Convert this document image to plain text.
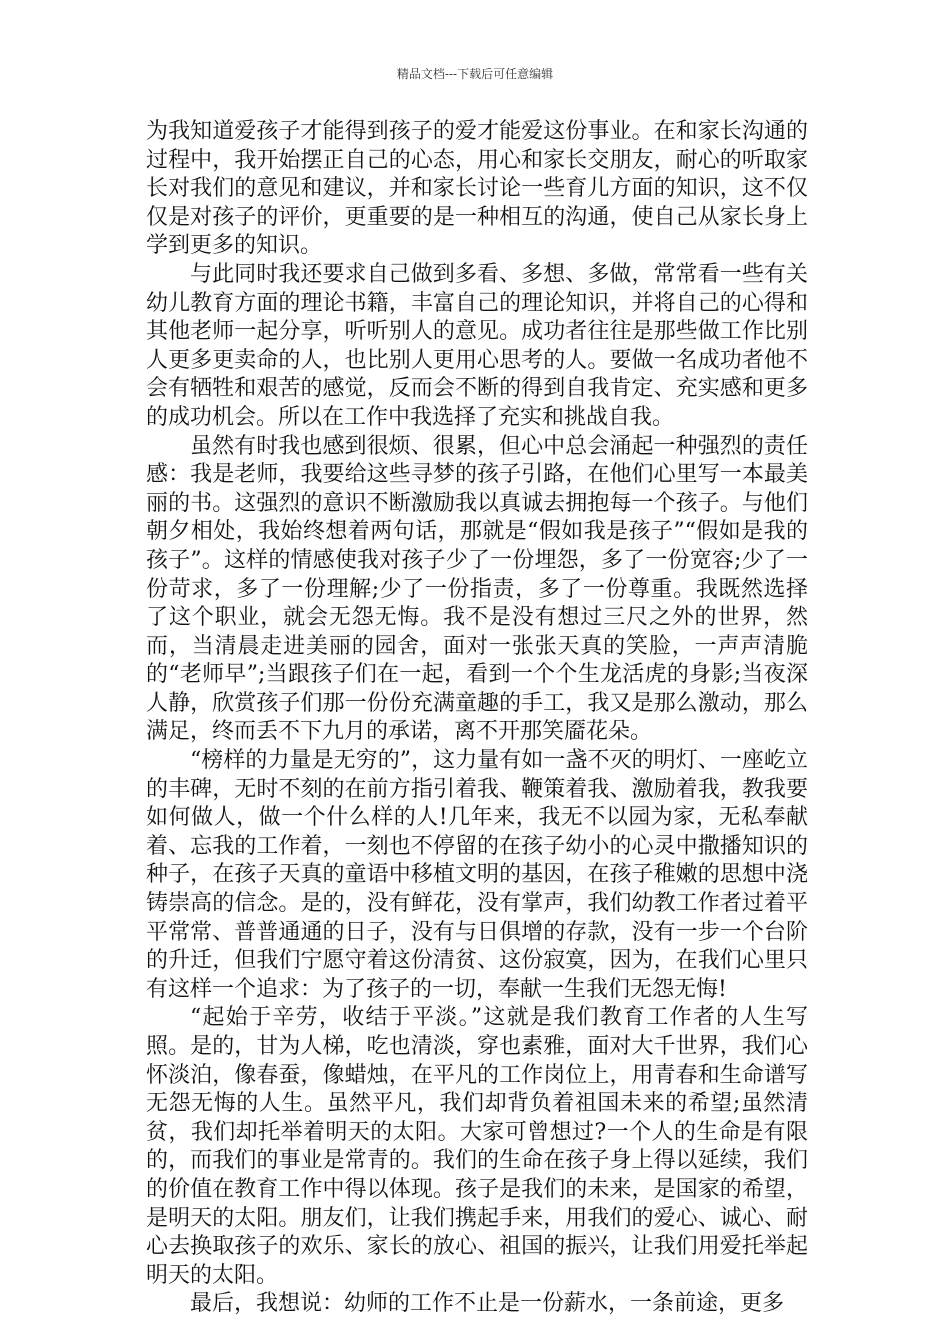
精品文档---下载后可任意编辑

为我知道爱孩子才能得到孩子的爱才能爱这份事业。在和家长沟通的过程中，我开始摆正自己的心态，用心和家长交朋友，耐心的听取家长对我们的意见和建议，并和家长讨论一些育儿方面的知识，这不仅仅是对孩子的评价，更重要的是一种相互的沟通，使自己从家长身上学到更多的知识。

与此同时我还要求自己做到多看、多想、多做，常常看一些有关幼儿教育方面的理论书籍，丰富自己的理论知识，并将自己的心得和其他老师一起分享，听听别人的意见。成功者往往是那些做工作比别人更多更卖命的人，也比别人更用心思考的人。要做一名成功者他不会有牺牲和艰苦的感觉，反而会不断的得到自我肯定、充实感和更多的成功机会。所以在工作中我选择了充实和挑战自我。

虽然有时我也感到很烦、很累，但心中总会涌起一种强烈的责任感：我是老师，我要给这些寻梦的孩子引路，在他们心里写一本最美丽的书。这强烈的意识不断激励我以真诚去拥抱每一个孩子。与他们朝夕相处，我始终想着两句话，那就是“假如我是孩子”“假如是我的孩子”。这样的情感使我对孩子少了一份埋怨，多了一份宽容;少了一份苛求，多了一份理解;少了一份指责，多了一份尊重。我既然选择了这个职业，就会无怨无悔。我不是没有想过三尺之外的世界，然而，当清晨走进美丽的园舍，面对一张张天真的笑脸，一声声清脆的“老师早”;当跟孩子们在一起，看到一个个生龙活虎的身影;当夜深人静，欣赏孩子们那一份份充满童趣的手工，我又是那么激动，那么满足，终而丢不下九月的承诺，离不开那笑靥花朵。

“榜样的力量是无穷的”，这力量有如一盏不灭的明灯、一座屹立的丰碑，无时不刻的在前方指引着我、鞭策着我、激励着我，教我要如何做人，做一个什么样的人!几年来，我无不以园为家，无私奉献着、忘我的工作着，一刻也不停留的在孩子幼小的心灵中撒播知识的种子，在孩子天真的童语中移植文明的基因，在孩子稚嫩的思想中浇铸崇高的信念。是的，没有鲜花，没有掌声，我们幼教工作者过着平平常常、普普通通的日子，没有与日俱增的存款，没有一步一个台阶的升迁，但我们宁愿守着这份清贫、这份寂寞，因为，在我们心里只有这样一个追求：为了孩子的一切，奉献一生我们无怨无悔!

“起始于辛劳，收结于平淡。”这就是我们教育工作者的人生写照。是的，甘为人梯，吃也清淡，穿也素雅，面对大千世界，我们心怀淡泊，像春蚕，像蜡烛，在平凡的工作岗位上，用青春和生命谱写无怨无悔的人生。虽然平凡，我们却背负着祖国未来的希望;虽然清贫，我们却托举着明天的太阳。大家可曾想过?一个人的生命是有限的，而我们的事业是常青的。我们的生命在孩子身上得以延续，我们的价值在教育工作中得以体现。孩子是我们的未来，是国家的希望，是明天的太阳。朋友们，让我们携起手来，用我们的爱心、诚心、耐心去换取孩子的欢乐、家长的放心、祖国的振兴，让我们用爱托举起明天的太阳。

最后，我想说：幼师的工作不止是一份薪水，一条前途，更多
